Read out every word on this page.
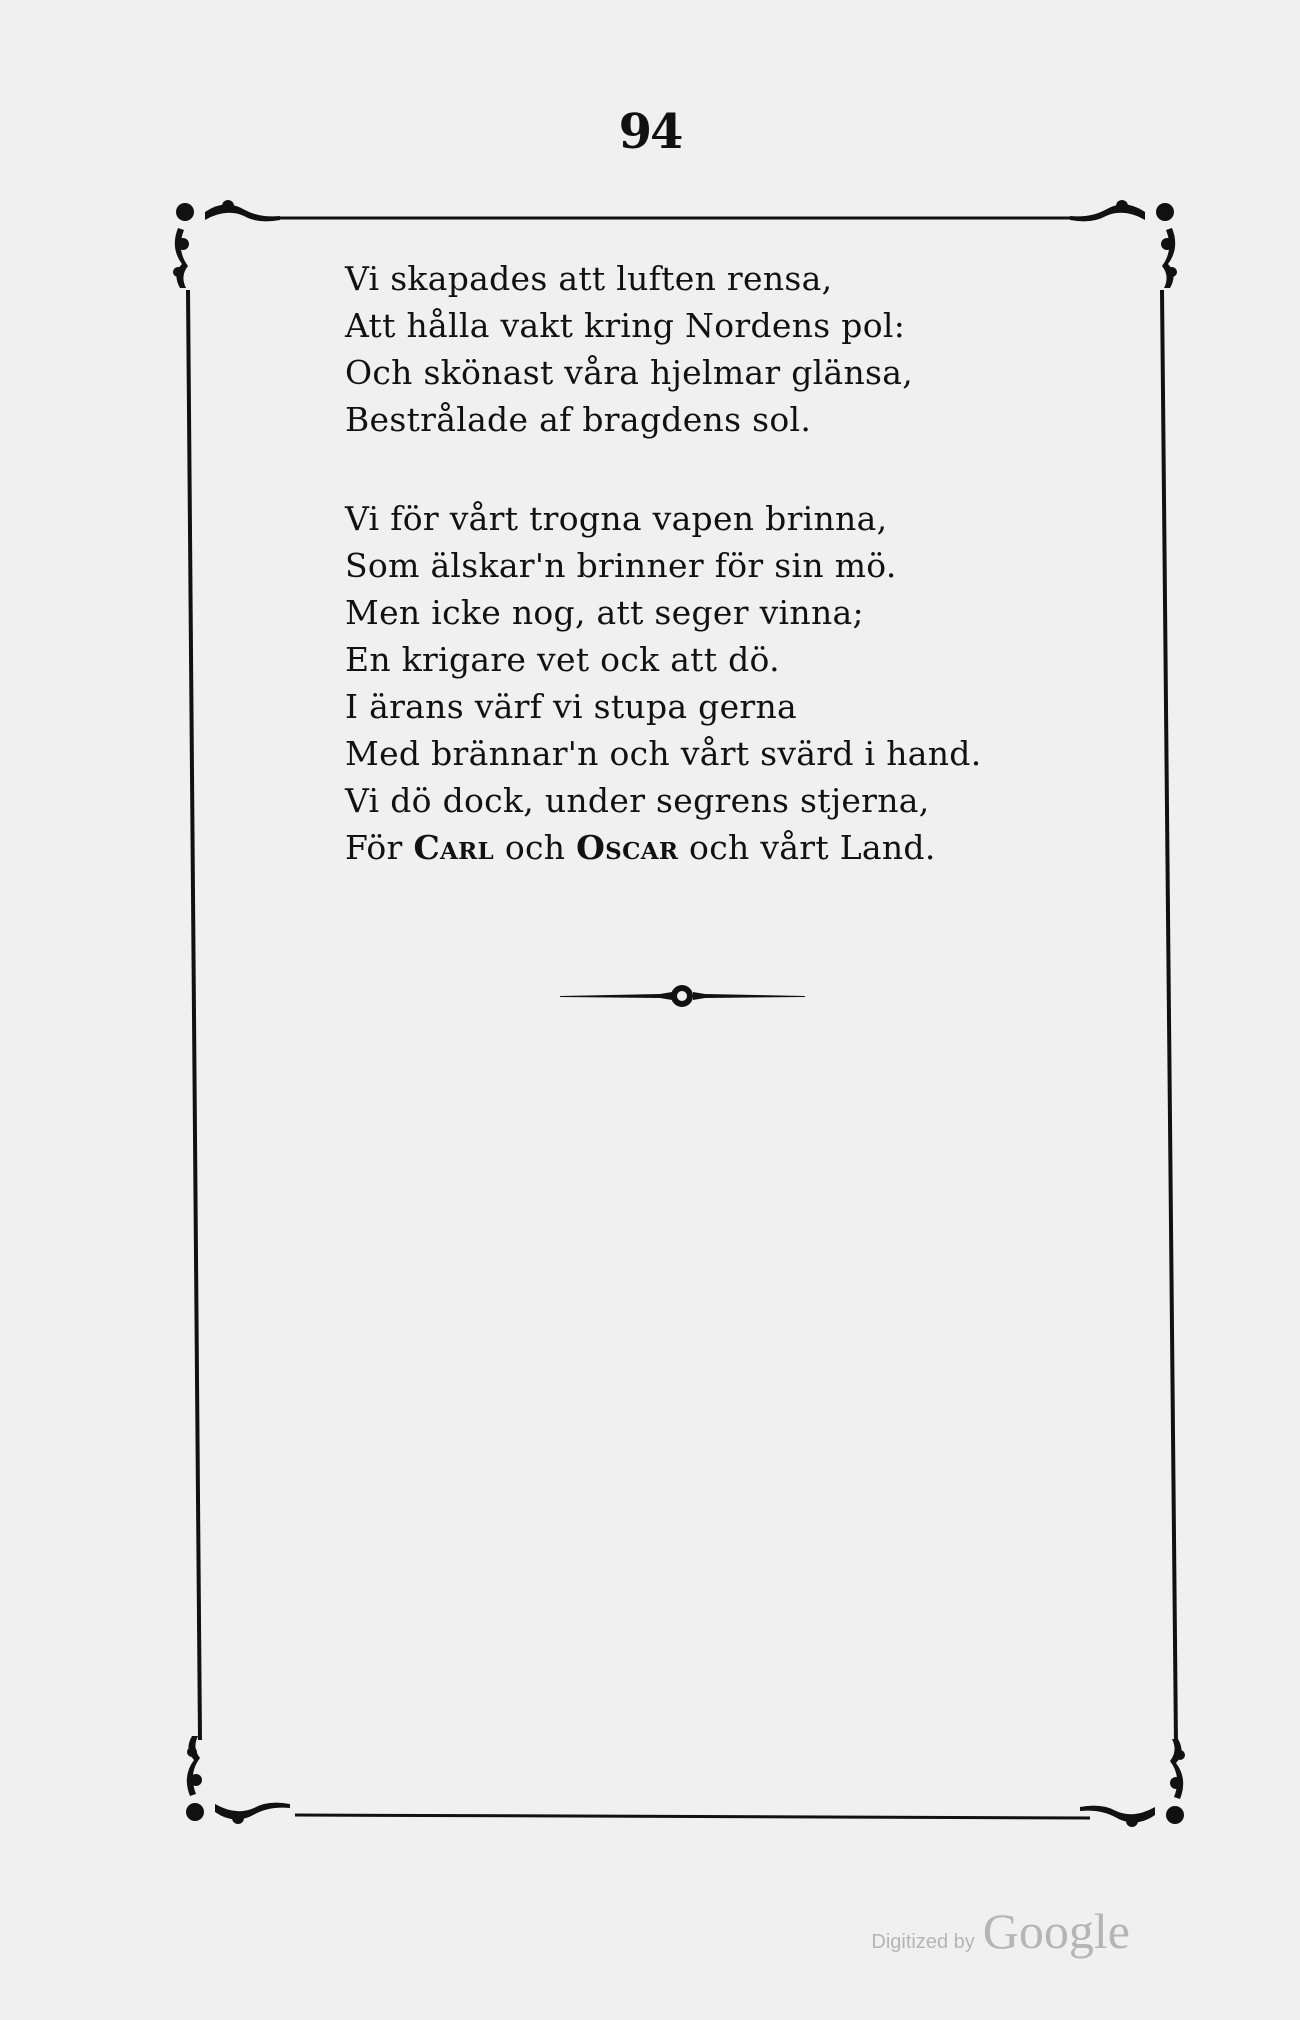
94
Vi skapades att luften rensa,
Att hålla vakt kring Nordens pol:
Och skönast våra hjelmar glänsa,
Bestrålade af bragdens sol.
Vi för vårt trogna vapen brinna,
Som älskar'n brinner för sin mö.
Men icke nog, att seger vinna;
En krigare vet ock att dö.
I ärans värf vi stupa gerna
Med brännar'n och vårt svärd i hand.
Vi dö dock, under segrens stjerna,
För Carl och Oscar och vårt Land.
Digitized by Google
